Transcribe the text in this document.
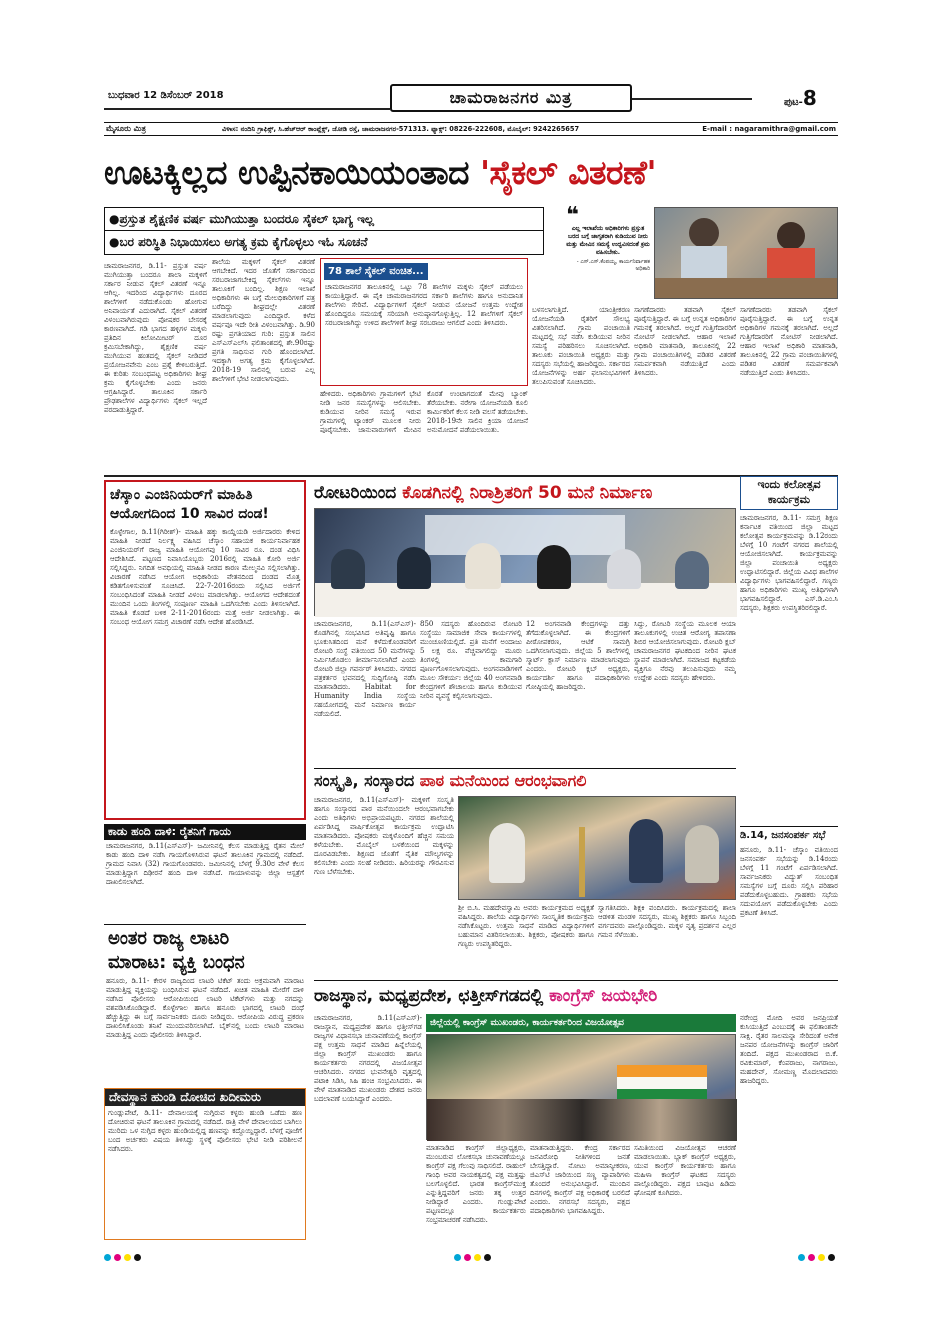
ಬುಧವಾರ 12 ಡಿಸೆಂಬರ್ 2018	ಚಾಮರಾಜನಗರ ಮಿತ್ರ	ಪುಟ-8
ಮೈಸೂರು ಮಿತ್ರ	ವಿಳಾಸ: ನಂದಿನಿ ಗ್ರಾಫಿಕ್ಸ್, ಸಿ.ಹೆಚ್ಆರ್ ಕಾಂಪ್ಲೆಕ್ಸ್, ಜೋಡಿ ರಸ್ತೆ, ಚಾಮರಾಜನಗರ-571313. ಫ್ಯಾಕ್ಸ್: 08226-222608, ಮೊಬೈಲ್: 9242265657	E-mail : nagaramithra@gmail.com
ಊಟಕ್ಕಿಲ್ಲದ ಉಪ್ಪಿನಕಾಯಿಯಂತಾದ 'ಸೈಕಲ್ ವಿತರಣೆ'
●ಪ್ರಸ್ತುತ ಶೈಕ್ಷಣಿಕ ವರ್ಷ ಮುಗಿಯುತ್ತಾ ಬಂದರೂ ಸೈಕಲ್ ಭಾಗ್ಯ ಇಲ್ಲ
●ಬರ ಪರಿಸ್ಥಿತಿ ನಿಭಾಯಿಸಲು ಅಗತ್ಯ ಕ್ರಮ ಕೈಗೊಳ್ಳಲು ಇಓ ಸೂಚನೆ
❝
ಎಲ್ಲ ಇಲಾಖೆಯ ಅಧಿಕಾರಿಗಳು ಪ್ರಸ್ತುತ ಬರದ ಬಗ್ಗೆ ಜಾಗೃತರಾಗಿ ಕುಡಿಯುವ ನೀರು ಮತ್ತು ಮೇವಿನ ಸಮಸ್ಯೆ ಉದ್ಭವಿಸದಂತೆ ಕ್ರಮ ವಹಿಸಬೇಕು.
- ಎಸ್.ಎಸ್.ಕೆಂಪಯ್ಯ, ಕಾರ್ಯನಿರ್ವಾಹಕ ಅಧಿಕಾರಿ
ಚಾಮರಾಜನಗರ, ಡಿ.11- ಪ್ರಸ್ತುತ ವರ್ಷ ಮುಗಿಯುತ್ತಾ ಬಂದರೂ ಶಾಲಾ ಮಕ್ಕಳಿಗೆ ಸರ್ಕಾರ ನೀಡುವ ಸೈಕಲ್ ವಿತರಣೆ ಇನ್ನೂ ಆಗಿಲ್ಲ. ಇದರಿಂದ ವಿದ್ಯಾರ್ಥಿಗಳು ದೂರದ ಶಾಲೆಗಳಿಗೆ ನಡೆದುಕೊಂಡು ಹೋಗುವ ಅನಿವಾರ್ಯತೆ ಎದುರಾಗಿದೆ. ಸೈಕಲ್ ವಿತರಣೆ ವಿಳಂಬವಾಗಿರುವುದು ಪೋಷಕರ ಬೇಸರಕ್ಕೆ ಕಾರಣವಾಗಿದೆ. ಗಡಿ ಭಾಗದ ಹಳ್ಳಿಗಳ ಮಕ್ಕಳು ಪ್ರತಿದಿನ ಕಿಲೋಮೀಟರ್ ದೂರ ಕ್ರಮಿಸಬೇಕಾಗಿದ್ದು, ಶೈಕ್ಷಣಿಕ ವರ್ಷ ಮುಗಿಯುವ ಹಂತದಲ್ಲಿ ಸೈಕಲ್ ನೀಡಿದರೆ ಪ್ರಯೋಜನವೇನು ಎಂಬ ಪ್ರಶ್ನೆ ಕೇಳಿಬರುತ್ತಿದೆ. ಈ ಕುರಿತು ಸಂಬಂಧಪಟ್ಟ ಅಧಿಕಾರಿಗಳು ಶೀಘ್ರ ಕ್ರಮ ಕೈಗೊಳ್ಳಬೇಕು ಎಂದು ಜನರು ಆಗ್ರಹಿಸಿದ್ದಾರೆ. ತಾಲೂಕಿನ ಸರ್ಕಾರಿ ಪ್ರೌಢಶಾಲೆಗಳ ವಿದ್ಯಾರ್ಥಿಗಳು ಸೈಕಲ್ ಇಲ್ಲದೆ ಪರದಾಡುತ್ತಿದ್ದಾರೆ.
ಶಾಲೆಯ ಮಕ್ಕಳಿಗೆ ಸೈಕಲ್ ವಿತರಣೆ ಆಗಬೇಕಿದೆ. ಇದರ ಜೊತೆಗೆ ಸರ್ಕಾರದಿಂದ ಸರಬರಾಜಾಗಬೇಕಿದ್ದ ಸೈಕಲ್‌ಗಳು ಇನ್ನೂ ತಾಲೂಕಿಗೆ ಬಂದಿಲ್ಲ. ಶಿಕ್ಷಣ ಇಲಾಖೆ ಅಧಿಕಾರಿಗಳು ಈ ಬಗ್ಗೆ ಮೇಲಧಿಕಾರಿಗಳಿಗೆ ಪತ್ರ ಬರೆದಿದ್ದು ಶೀಘ್ರದಲ್ಲೇ ವಿತರಣೆ ಮಾಡಲಾಗುವುದು ಎಂದಿದ್ದಾರೆ. ಕಳೆದ ವರ್ಷವೂ ಇದೇ ರೀತಿ ವಿಳಂಬವಾಗಿತ್ತು. ಡಿ.90 ರಷ್ಟು ಪ್ರಗತಿಯಾದ ಗುರಿ: ಪ್ರಸ್ತುತ ಸಾಲಿನ ಎಸ್‌ಎಸ್‌ಎಲ್‌ಸಿ ಫಲಿತಾಂಶದಲ್ಲಿ ಶೇ.90ರಷ್ಟು ಪ್ರಗತಿ ಸಾಧಿಸುವ ಗುರಿ ಹೊಂದಲಾಗಿದೆ. ಇದಕ್ಕಾಗಿ ಅಗತ್ಯ ಕ್ರಮ ಕೈಗೊಳ್ಳಲಾಗಿದೆ. 2018-19 ಸಾಲಿನಲ್ಲಿ ಬರುವ ಎಲ್ಲ ಶಾಲೆಗಳಿಗೆ ಭೇಟಿ ನೀಡಲಾಗುವುದು.
78 ಶಾಲೆ ಸೈಕಲ್ ವಂಚಿತ...
ಚಾಮರಾಜನಗರ ತಾಲೂಕಿನಲ್ಲಿ ಒಟ್ಟು 78 ಶಾಲೆಗಳ ಮಕ್ಕಳು ಸೈಕಲ್ ಪಡೆಯಲು ಕಾಯುತ್ತಿದ್ದಾರೆ. ಈ ಪೈಕಿ ಚಾಮರಾಜನಗರದ ಸರ್ಕಾರಿ ಶಾಲೆಗಳು ಹಾಗೂ ಅನುದಾನಿತ ಶಾಲೆಗಳು ಸೇರಿವೆ. ವಿದ್ಯಾರ್ಥಿಗಳಿಗೆ ಸೈಕಲ್ ನೀಡುವ ಯೋಜನೆ ಉತ್ತಮ ಉದ್ದೇಶ ಹೊಂದಿದ್ದರೂ ಸಮಯಕ್ಕೆ ಸರಿಯಾಗಿ ಅನುಷ್ಠಾನಗೊಳ್ಳುತ್ತಿಲ್ಲ. 12 ಶಾಲೆಗಳಿಗೆ ಸೈಕಲ್ ಸರಬರಾಜಾಗಿದ್ದು ಉಳಿದ ಶಾಲೆಗಳಿಗೆ ಶೀಘ್ರ ಸರಬರಾಜು ಆಗಲಿದೆ ಎಂದು ತಿಳಿಸಿದರು.
ಹೇಳಿದರು. ಅಧಿಕಾರಿಗಳು ಗ್ರಾಮಗಳಿಗೆ ಭೇಟಿ ನೀಡಿ ಜನರ ಸಮಸ್ಯೆಗಳನ್ನು ಆಲಿಸಬೇಕು. ಕುಡಿಯುವ ನೀರಿನ ಸಮಸ್ಯೆ ಇರುವ ಗ್ರಾಮಗಳಲ್ಲಿ ಟ್ಯಾಂಕರ್ ಮೂಲಕ ನೀರು ಪೂರೈಸಬೇಕು. ಜಾನುವಾರುಗಳಿಗೆ ಮೇವಿನ ಕೊರತೆ ಉಂಟಾಗದಂತೆ ಮೇವು ಬ್ಯಾಂಕ್ ತೆರೆಯಬೇಕು. ನರೇಗಾ ಯೋಜನೆಯಡಿ ಕೂಲಿ ಕಾರ್ಮಿಕರಿಗೆ ಕೆಲಸ ನೀಡಿ ವಲಸೆ ತಡೆಯಬೇಕು. 2018-19ನೇ ಸಾಲಿನ ಕ್ರಿಯಾ ಯೋಜನೆ ಅನುಮೋದನೆ ಪಡೆಯಲಾಯಿತು.
ಬಳಸಲಾಗುತ್ತಿದೆ. ಯಾಂತ್ರೀಕರಣ ಯೋಜನೆಯಡಿ ರೈತರಿಗೆ ಸೌಲಭ್ಯ ವಿತರಿಸಲಾಗಿದೆ. ಗ್ರಾಮ ಪಂಚಾಯಿತಿ ಮಟ್ಟದಲ್ಲಿ ಸಭೆ ನಡೆಸಿ ಕುಡಿಯುವ ನೀರಿನ ಸಮಸ್ಯೆ ಪರಿಹರಿಸಲು ಸೂಚಿಸಲಾಗಿದೆ. ತಾಲೂಕು ಪಂಚಾಯಿತಿ ಅಧ್ಯಕ್ಷರು ಮತ್ತು ಸದಸ್ಯರು ಸಭೆಯಲ್ಲಿ ಹಾಜರಿದ್ದರು. ಸರ್ಕಾರದ ಯೋಜನೆಗಳನ್ನು ಅರ್ಹ ಫಲಾನುಭವಿಗಳಿಗೆ ತಲುಪಿಸುವಂತೆ ಸೂಚಿಸಿದರು.
ಸಾಗಣೆದಾರರು ತಡವಾಗಿ ಸೈಕಲ್ ಪೂರೈಸುತ್ತಿದ್ದಾರೆ. ಈ ಬಗ್ಗೆ ಉನ್ನತ ಅಧಿಕಾರಿಗಳ ಗಮನಕ್ಕೆ ತರಲಾಗಿದೆ. ಅಲ್ಲದೆ ಗುತ್ತಿಗೆದಾರರಿಗೆ ನೋಟಿಸ್ ನೀಡಲಾಗಿದೆ. ಆಹಾರ ಇಲಾಖೆ ಅಧಿಕಾರಿ ಮಾತನಾಡಿ, ತಾಲೂಕಿನಲ್ಲಿ 22 ಗ್ರಾಮ ಪಂಚಾಯಿತಿಗಳಲ್ಲಿ ಪಡಿತರ ವಿತರಣೆ ಸಮರ್ಪಕವಾಗಿ ನಡೆಯುತ್ತಿದೆ ಎಂದು ತಿಳಿಸಿದರು.
ಸಾಗಣೆದಾರರು ತಡವಾಗಿ ಸೈಕಲ್ ಪೂರೈಸುತ್ತಿದ್ದಾರೆ. ಈ ಬಗ್ಗೆ ಉನ್ನತ ಅಧಿಕಾರಿಗಳ ಗಮನಕ್ಕೆ ತರಲಾಗಿದೆ. ಅಲ್ಲದೆ ಗುತ್ತಿಗೆದಾರರಿಗೆ ನೋಟಿಸ್ ನೀಡಲಾಗಿದೆ. ಆಹಾರ ಇಲಾಖೆ ಅಧಿಕಾರಿ ಮಾತನಾಡಿ, ತಾಲೂಕಿನಲ್ಲಿ 22 ಗ್ರಾಮ ಪಂಚಾಯಿತಿಗಳಲ್ಲಿ ಪಡಿತರ ವಿತರಣೆ ಸಮರ್ಪಕವಾಗಿ ನಡೆಯುತ್ತಿದೆ ಎಂದು ತಿಳಿಸಿದರು.
ಚೆಸ್ಕಾಂ ಎಂಜಿನಿಯರ್‌ಗೆ ಮಾಹಿತಿ ಆಯೋಗದಿಂದ 10 ಸಾವಿರ ದಂಡ!
ಕೊಳ್ಳೇಗಾಲ, ಡಿ.11(ಗಿರೀಶ್)- ಮಾಹಿತಿ ಹಕ್ಕು ಕಾಯ್ದೆಯಡಿ ಅರ್ಜಿದಾರರು ಕೇಳಿದ ಮಾಹಿತಿ ನೀಡದೆ ನಿರ್ಲಕ್ಷ್ಯ ವಹಿಸಿದ ಚೆಸ್ಕಾಂ ಸಹಾಯಕ ಕಾರ್ಯನಿರ್ವಾಹಕ ಎಂಜಿನಿಯರ್‌ಗೆ ರಾಜ್ಯ ಮಾಹಿತಿ ಆಯೋಗವು 10 ಸಾವಿರ ರೂ. ದಂಡ ವಿಧಿಸಿ ಆದೇಶಿಸಿದೆ. ಪಟ್ಟಣದ ನಿವಾಸಿಯೊಬ್ಬರು 2016ರಲ್ಲಿ ಮಾಹಿತಿ ಕೋರಿ ಅರ್ಜಿ ಸಲ್ಲಿಸಿದ್ದರು. ನಿಗದಿತ ಅವಧಿಯಲ್ಲಿ ಮಾಹಿತಿ ನೀಡದ ಕಾರಣ ಮೇಲ್ಮನವಿ ಸಲ್ಲಿಸಲಾಗಿತ್ತು. ವಿಚಾರಣೆ ನಡೆಸಿದ ಆಯೋಗ ಅಧಿಕಾರಿಯ ವೇತನದಿಂದ ದಂಡದ ಮೊತ್ತ ಕಡಿತಗೊಳಿಸುವಂತೆ ಸೂಚಿಸಿದೆ. 22-7-2016ರಂದು ಸಲ್ಲಿಸಿದ ಅರ್ಜಿಗೆ ಸಂಬಂಧಿಸಿದಂತೆ ಮಾಹಿತಿ ನೀಡದೆ ವಿಳಂಬ ಮಾಡಲಾಗಿತ್ತು. ಆಯೋಗದ ಆದೇಶದಂತೆ ಮುಂದಿನ ಒಂದು ತಿಂಗಳಲ್ಲಿ ಸಂಪೂರ್ಣ ಮಾಹಿತಿ ಒದಗಿಸಬೇಕು ಎಂದು ತಿಳಿಸಲಾಗಿದೆ. ಮಾಹಿತಿ ಕೊಡದೆ ಬಳಿಕ 2-11-2016ರಂದು ಮತ್ತೆ ಅರ್ಜಿ ನೀಡಲಾಗಿತ್ತು. ಈ ಸಂಬಂಧ ಆಯೋಗ ಸಮಗ್ರ ವಿಚಾರಣೆ ನಡೆಸಿ ಆದೇಶ ಹೊರಡಿಸಿದೆ.
ಕಾಡು ಹಂದಿ ದಾಳಿ: ರೈತನಿಗೆ ಗಾಯ
ಚಾಮರಾಜನಗರ, ಡಿ.11(ಎಸ್‌ಎಸ್)- ಜಮೀನಿನಲ್ಲಿ ಕೆಲಸ ಮಾಡುತ್ತಿದ್ದ ರೈತನ ಮೇಲೆ ಕಾಡು ಹಂದಿ ದಾಳಿ ನಡೆಸಿ ಗಾಯಗೊಳಿಸಿರುವ ಘಟನೆ ತಾಲೂಕಿನ ಗ್ರಾಮದಲ್ಲಿ ನಡೆದಿದೆ. ಗ್ರಾಮದ ನಿವಾಸಿ (32) ಗಾಯಗೊಂಡವರು. ಜಮೀನಿನಲ್ಲಿ ಬೆಳಗ್ಗೆ 9.30ರ ವೇಳೆ ಕೆಲಸ ಮಾಡುತ್ತಿದ್ದಾಗ ದಿಢೀರನೆ ಹಂದಿ ದಾಳಿ ನಡೆಸಿದೆ. ಗಾಯಾಳುವನ್ನು ಜಿಲ್ಲಾ ಆಸ್ಪತ್ರೆಗೆ ದಾಖಲಿಸಲಾಗಿದೆ.
ಅಂತರ ರಾಜ್ಯ ಲಾಟರಿ
ಮಾರಾಟ: ವ್ಯಕ್ತಿ ಬಂಧನ
ಹನೂರು, ಡಿ.11- ಕೇರಳ ರಾಜ್ಯದಿಂದ ಲಾಟರಿ ಟಿಕೆಟ್ ತಂದು ಅಕ್ರಮವಾಗಿ ಮಾರಾಟ ಮಾಡುತ್ತಿದ್ದ ವ್ಯಕ್ತಿಯನ್ನು ಬಂಧಿಸಿರುವ ಘಟನೆ ನಡೆದಿದೆ. ಖಚಿತ ಮಾಹಿತಿ ಮೇರೆಗೆ ದಾಳಿ ನಡೆಸಿದ ಪೊಲೀಸರು ಆರೋಪಿಯಿಂದ ಲಾಟರಿ ಟಿಕೆಟ್‌ಗಳು ಮತ್ತು ನಗದನ್ನು ವಶಪಡಿಸಿಕೊಂಡಿದ್ದಾರೆ. ಕೊಳ್ಳೇಗಾಲ ಹಾಗೂ ಹನೂರು ಭಾಗದಲ್ಲಿ ಲಾಟರಿ ದಂಧೆ ಹೆಚ್ಚುತ್ತಿದ್ದು ಈ ಬಗ್ಗೆ ಸಾರ್ವಜನಿಕರು ದೂರು ನೀಡಿದ್ದರು. ಆರೋಪಿಯ ವಿರುದ್ಧ ಪ್ರಕರಣ ದಾಖಲಿಸಿಕೊಂಡು ತನಿಖೆ ಮುಂದುವರಿಸಲಾಗಿದೆ. ಬೈಕ್‌ನಲ್ಲಿ ಬಂದು ಲಾಟರಿ ಮಾರಾಟ ಮಾಡುತ್ತಿದ್ದ ಎಂದು ಪೊಲೀಸರು ತಿಳಿಸಿದ್ದಾರೆ.
ದೇವಸ್ಥಾನ ಹುಂಡಿ ದೋಚಿದ ಖದೀಮರು
ಗುಂಡ್ಲುಪೇಟೆ, ಡಿ.11- ದೇವಾಲಯಕ್ಕೆ ನುಗ್ಗಿರುವ ಕಳ್ಳರು ಹುಂಡಿ ಒಡೆದು ಹಣ ದೋಚಿರುವ ಘಟನೆ ತಾಲೂಕಿನ ಗ್ರಾಮದಲ್ಲಿ ನಡೆದಿದೆ. ರಾತ್ರಿ ವೇಳೆ ದೇವಾಲಯದ ಬಾಗಿಲು ಮುರಿದು ಒಳ ನುಗ್ಗಿದ ಕಳ್ಳರು ಹುಂಡಿಯಲ್ಲಿದ್ದ ಹಣವನ್ನು ಕದ್ದೊಯ್ದಿದ್ದಾರೆ. ಬೆಳಗ್ಗೆ ಪೂಜೆಗೆ ಬಂದ ಅರ್ಚಕರು ವಿಷಯ ತಿಳಿಸಿದ್ದು ಸ್ಥಳಕ್ಕೆ ಪೊಲೀಸರು ಭೇಟಿ ನೀಡಿ ಪರಿಶೀಲನೆ ನಡೆಸಿದರು.
ರೋಟರಿಯಿಂದ ಕೊಡಗಿನಲ್ಲಿ ನಿರಾಶ್ರಿತರಿಗೆ 50 ಮನೆ ನಿರ್ಮಾಣ
ಚಾಮರಾಜನಗರ, ಡಿ.11(ಎಸ್‌ಎಸ್)- ಕೊಡಗಿನಲ್ಲಿ ಸಂಭವಿಸಿದ ಅತಿವೃಷ್ಟಿ ಹಾಗೂ ಭೂಕುಸಿತದಿಂದ ಮನೆ ಕಳೆದುಕೊಂಡವರಿಗೆ ರೋಟರಿ ಸಂಸ್ಥೆ ವತಿಯಿಂದ 50 ಮನೆಗಳನ್ನು ನಿರ್ಮಿಸಿಕೊಡಲು ತೀರ್ಮಾನಿಸಲಾಗಿದೆ ಎಂದು ರೋಟರಿ ಜಿಲ್ಲಾ ಗವರ್ನರ್ ತಿಳಿಸಿದರು. ನಗರದ ಪತ್ರಕರ್ತರ ಭವನದಲ್ಲಿ ಸುದ್ದಿಗೋಷ್ಠಿ ನಡೆಸಿ ಮಾತನಾಡಿದರು. Habitat for Humanity India ಸಂಸ್ಥೆಯ ಸಹಯೋಗದಲ್ಲಿ ಮನೆ ನಿರ್ಮಾಣ ಕಾರ್ಯ ನಡೆಯಲಿದೆ.
850 ಸದಸ್ಯರು ಹೊಂದಿರುವ ರೋಟರಿ ಸಂಸ್ಥೆಯು ಸಾಮಾಜಿಕ ಸೇವಾ ಕಾರ್ಯಗಳಲ್ಲಿ ಮುಂಚೂಣಿಯಲ್ಲಿದೆ. ಪ್ರತಿ ಮನೆಗೆ ಅಂದಾಜು 5 ಲಕ್ಷ ರೂ. ವೆಚ್ಚವಾಗಲಿದ್ದು ಮೂರು ತಿಂಗಳಲ್ಲಿ ಕಾಮಗಾರಿ ಪೂರ್ಣಗೊಳಿಸಲಾಗುವುದು. ಅಂಗನವಾಡಿಗಳಿಗೆ ಮೂಲ ಸೌಕರ್ಯ: ಜಿಲ್ಲೆಯ 40 ಅಂಗನವಾಡಿ ಕೇಂದ್ರಗಳಿಗೆ ಶೌಚಾಲಯ ಹಾಗೂ ಕುಡಿಯುವ ನೀರಿನ ವ್ಯವಸ್ಥೆ ಕಲ್ಪಿಸಲಾಗುವುದು.
12 ಅಂಗನವಾಡಿ ಕೇಂದ್ರಗಳನ್ನು ದತ್ತು ತೆಗೆದುಕೊಳ್ಳಲಾಗಿದೆ. ಈ ಕೇಂದ್ರಗಳಿಗೆ ಪೀಠೋಪಕರಣ, ಆಟಿಕೆ ಸಾಮಗ್ರಿ ಒದಗಿಸಲಾಗುವುದು. ಜಿಲ್ಲೆಯ 5 ಶಾಲೆಗಳಲ್ಲಿ ಸ್ಮಾರ್ಟ್ ಕ್ಲಾಸ್ ನಿರ್ಮಾಣ ಮಾಡಲಾಗುವುದು ಎಂದರು. ರೋಟರಿ ಕ್ಲಬ್ ಅಧ್ಯಕ್ಷರು, ಕಾರ್ಯದರ್ಶಿ ಹಾಗೂ ಪದಾಧಿಕಾರಿಗಳು ಗೋಷ್ಠಿಯಲ್ಲಿ ಹಾಜರಿದ್ದರು.
ಸಿದ್ದು, ರೋಟರಿ ಸಂಸ್ಥೆಯ ಮೂಲಕ ಆಯಾ ತಾಲೂಕುಗಳಲ್ಲಿ ಉಚಿತ ಆರೋಗ್ಯ ತಪಾಸಣಾ ಶಿಬಿರ ಆಯೋಜಿಸಲಾಗುವುದು. ರೋಟರಿ ಕ್ಲಬ್ ಚಾಮರಾಜನಗರ ಘಟಕದಿಂದ ನೀರಿನ ಘಟಕ ಸ್ಥಾಪನೆ ಮಾಡಲಾಗಿದೆ. ಸಮಾಜದ ಕಟ್ಟಕಡೆಯ ವ್ಯಕ್ತಿಗೂ ನೆರವು ತಲುಪಿಸುವುದು ನಮ್ಮ ಉದ್ದೇಶ ಎಂದು ಸದಸ್ಯರು ಹೇಳಿದರು.
ಇಂದು ಕಲೋತ್ಸವ
ಕಾರ್ಯಕ್ರಮ
ಚಾಮರಾಜನಗರ, ಡಿ.11- ಸಮಗ್ರ ಶಿಕ್ಷಣ ಕರ್ನಾಟಕ ವತಿಯಿಂದ ಜಿಲ್ಲಾ ಮಟ್ಟದ ಕಲೋತ್ಸವ ಕಾರ್ಯಕ್ರಮವನ್ನು ಡಿ.12ರಂದು ಬೆಳಗ್ಗೆ 10 ಗಂಟೆಗೆ ನಗರದ ಶಾಲೆಯಲ್ಲಿ ಆಯೋಜಿಸಲಾಗಿದೆ. ಕಾರ್ಯಕ್ರಮವನ್ನು ಜಿಲ್ಲಾ ಪಂಚಾಯಿತಿ ಅಧ್ಯಕ್ಷರು ಉದ್ಘಾಟಿಸಲಿದ್ದಾರೆ. ಜಿಲ್ಲೆಯ ವಿವಿಧ ಶಾಲೆಗಳ ವಿದ್ಯಾರ್ಥಿಗಳು ಭಾಗವಹಿಸಲಿದ್ದಾರೆ. ಗಣ್ಯರು ಹಾಗೂ ಅಧಿಕಾರಿಗಳು ಮುಖ್ಯ ಅತಿಥಿಗಳಾಗಿ ಭಾಗವಹಿಸಲಿದ್ದಾರೆ. ಎಸ್.ಡಿ.ಎಂ.ಸಿ ಸದಸ್ಯರು, ಶಿಕ್ಷಕರು ಉಪಸ್ಥಿತರಿರಲಿದ್ದಾರೆ.
ಡಿ.14, ಜನಸಂಪರ್ಕ ಸಭೆ
ಹನೂರು, ಡಿ.11- ಚೆಸ್ಕಾಂ ವತಿಯಿಂದ ಜನಸಂಪರ್ಕ ಸಭೆಯನ್ನು ಡಿ.14ರಂದು ಬೆಳಗ್ಗೆ 11 ಗಂಟೆಗೆ ಏರ್ಪಡಿಸಲಾಗಿದೆ. ಸಾರ್ವಜನಿಕರು ವಿದ್ಯುತ್ ಸಂಬಂಧಿತ ಸಮಸ್ಯೆಗಳ ಬಗ್ಗೆ ದೂರು ಸಲ್ಲಿಸಿ ಪರಿಹಾರ ಪಡೆದುಕೊಳ್ಳಬಹುದು. ಗ್ರಾಹಕರು ಸಭೆಯ ಸದುಪಯೋಗ ಪಡೆದುಕೊಳ್ಳಬೇಕು ಎಂದು ಪ್ರಕಟಣೆ ತಿಳಿಸಿದೆ.
ಸಂಸ್ಕೃತಿ, ಸಂಸ್ಕಾರದ ಪಾಠ ಮನೆಯಿಂದ ಆರಂಭವಾಗಲಿ
ಚಾಮರಾಜನಗರ, ಡಿ.11(ಎಸ್‌ಎಸ್)- ಮಕ್ಕಳಿಗೆ ಸಂಸ್ಕೃತಿ ಹಾಗೂ ಸಂಸ್ಕಾರದ ಪಾಠ ಮನೆಯಿಂದಲೇ ಆರಂಭವಾಗಬೇಕು ಎಂದು ಅತಿಥಿಗಳು ಅಭಿಪ್ರಾಯಪಟ್ಟರು. ನಗರದ ಶಾಲೆಯಲ್ಲಿ ಏರ್ಪಡಿಸಿದ್ದ ವಾರ್ಷಿಕೋತ್ಸವ ಕಾರ್ಯಕ್ರಮ ಉದ್ಘಾಟಿಸಿ ಮಾತನಾಡಿದರು. ಪೋಷಕರು ಮಕ್ಕಳೊಂದಿಗೆ ಹೆಚ್ಚಿನ ಸಮಯ ಕಳೆಯಬೇಕು. ಮೊಬೈಲ್ ಬಳಕೆಯಿಂದ ಮಕ್ಕಳನ್ನು ದೂರವಿಡಬೇಕು. ಶಿಕ್ಷಣದ ಜೊತೆಗೆ ನೈತಿಕ ಮೌಲ್ಯಗಳನ್ನು ಕಲಿಸಬೇಕು ಎಂದು ಸಲಹೆ ನೀಡಿದರು. ಹಿರಿಯರನ್ನು ಗೌರವಿಸುವ ಗುಣ ಬೆಳೆಸಬೇಕು.
ಶ್ರೀ ಬಿ.ಸಿ. ಮಹದೇವಸ್ವಾಮಿ ಅವರು ಕಾರ್ಯಕ್ರಮದ ಅಧ್ಯಕ್ಷತೆ ವಹಿಸಿದ್ದರು. ಶಾಲೆಯ ವಿದ್ಯಾರ್ಥಿಗಳು ಸಾಂಸ್ಕೃತಿಕ ಕಾರ್ಯಕ್ರಮ ನಡೆಸಿಕೊಟ್ಟರು. ಉತ್ತಮ ಸಾಧನೆ ಮಾಡಿದ ವಿದ್ಯಾರ್ಥಿಗಳಿಗೆ ಬಹುಮಾನ ವಿತರಿಸಲಾಯಿತು. ಶಿಕ್ಷಕರು, ಪೋಷಕರು ಹಾಗೂ ಗಣ್ಯರು ಉಪಸ್ಥಿತರಿದ್ದರು.
ಸ್ವಾಗತಿಸಿದರು. ಶಿಕ್ಷಕಿ ವಂದಿಸಿದರು. ಕಾರ್ಯಕ್ರಮದಲ್ಲಿ ಶಾಲಾ ಆಡಳಿತ ಮಂಡಳಿ ಸದಸ್ಯರು, ಮುಖ್ಯ ಶಿಕ್ಷಕರು ಹಾಗೂ ಸಿಬ್ಬಂದಿ ವರ್ಗದವರು ಪಾಲ್ಗೊಂಡಿದ್ದರು. ಮಕ್ಕಳ ನೃತ್ಯ ಪ್ರದರ್ಶನ ಎಲ್ಲರ ಗಮನ ಸೆಳೆಯಿತು.
ರಾಜಸ್ಥಾನ, ಮಧ್ಯಪ್ರದೇಶ, ಛತ್ತೀಸ್‌ಗಡದಲ್ಲಿ ಕಾಂಗ್ರೆಸ್ ಜಯಭೇರಿ
ಚಾಮರಾಜನಗರ, ಡಿ.11(ಎಸ್‌ಎಸ್)- ರಾಜಸ್ಥಾನ, ಮಧ್ಯಪ್ರದೇಶ ಹಾಗೂ ಛತ್ತೀಸ್‌ಗಡ ರಾಜ್ಯಗಳ ವಿಧಾನಸಭಾ ಚುನಾವಣೆಯಲ್ಲಿ ಕಾಂಗ್ರೆಸ್ ಪಕ್ಷ ಉತ್ತಮ ಸಾಧನೆ ಮಾಡಿದ ಹಿನ್ನೆಲೆಯಲ್ಲಿ ಜಿಲ್ಲಾ ಕಾಂಗ್ರೆಸ್ ಮುಖಂಡರು ಹಾಗೂ ಕಾರ್ಯಕರ್ತರು ನಗರದಲ್ಲಿ ವಿಜಯೋತ್ಸವ ಆಚರಿಸಿದರು. ನಗರದ ಭುವನೇಶ್ವರಿ ವೃತ್ತದಲ್ಲಿ ಪಟಾಕಿ ಸಿಡಿಸಿ, ಸಿಹಿ ಹಂಚಿ ಸಂಭ್ರಮಿಸಿದರು. ಈ ವೇಳೆ ಮಾತನಾಡಿದ ಮುಖಂಡರು ದೇಶದ ಜನರು ಬದಲಾವಣೆ ಬಯಸಿದ್ದಾರೆ ಎಂದರು.
ಜಿಲ್ಲೆಯಲ್ಲಿ ಕಾಂಗ್ರೆಸ್ ಮುಖಂಡರು, ಕಾರ್ಯಕರ್ತರಿಂದ ವಿಜಯೋತ್ಸವ
ಮಾತನಾಡಿದ ಕಾಂಗ್ರೆಸ್ ಜಿಲ್ಲಾಧ್ಯಕ್ಷರು, ಮುಂಬರುವ ಲೋಕಸಭಾ ಚುನಾವಣೆಯಲ್ಲೂ ಕಾಂಗ್ರೆಸ್ ಪಕ್ಷ ಗೆಲುವು ಸಾಧಿಸಲಿದೆ. ರಾಹುಲ್ ಗಾಂಧಿ ಅವರ ನಾಯಕತ್ವದಲ್ಲಿ ಪಕ್ಷ ಮತ್ತಷ್ಟು ಬಲಗೊಳ್ಳಲಿದೆ. ಭಾರತ ಕಾಂಗ್ರೆಸ್‌ಮುಕ್ತ ಎನ್ನುತ್ತಿದ್ದವರಿಗೆ ಜನರು ತಕ್ಕ ಉತ್ತರ ನೀಡಿದ್ದಾರೆ ಎಂದರು. ಗುಂಡ್ಲುಪೇಟೆ ಪಟ್ಟಣದಲ್ಲೂ ಕಾರ್ಯಕರ್ತರು ಸಂಭ್ರಮಾಚರಣೆ ನಡೆಸಿದರು.
ಮಾತನಾಡುತ್ತಿದ್ದರು. ಕೇಂದ್ರ ಸರ್ಕಾರದ ಜನವಿರೋಧಿ ನೀತಿಗಳಿಂದ ಜನತೆ ಬೇಸತ್ತಿದ್ದಾರೆ. ನೋಟು ಅಮಾನ್ಯೀಕರಣ, ಜಿಎಸ್‌ಟಿ ಜಾರಿಯಿಂದ ಸಣ್ಣ ವ್ಯಾಪಾರಿಗಳು ತೊಂದರೆ ಅನುಭವಿಸಿದ್ದಾರೆ. ಮುಂದಿನ ದಿನಗಳಲ್ಲಿ ಕಾಂಗ್ರೆಸ್ ಪಕ್ಷ ಅಧಿಕಾರಕ್ಕೆ ಬರಲಿದೆ ಎಂದರು. ನಗರಸಭೆ ಸದಸ್ಯರು, ಪಕ್ಷದ ಪದಾಧಿಕಾರಿಗಳು ಭಾಗವಹಿಸಿದ್ದರು.
ಸಮಿತಿಯಿಂದ ವಿಜಯೋತ್ಸವ ಆಚರಣೆ ಮಾಡಲಾಯಿತು. ಬ್ಲಾಕ್ ಕಾಂಗ್ರೆಸ್ ಅಧ್ಯಕ್ಷರು, ಯುವ ಕಾಂಗ್ರೆಸ್ ಕಾರ್ಯಕರ್ತರು ಹಾಗೂ ಮಹಿಳಾ ಕಾಂಗ್ರೆಸ್ ಘಟಕದ ಸದಸ್ಯರು ಪಾಲ್ಗೊಂಡಿದ್ದರು. ಪಕ್ಷದ ಬಾವುಟ ಹಿಡಿದು ಘೋಷಣೆ ಕೂಗಿದರು.
ನರೇಂದ್ರ ಮೋದಿ ಅವರ ಜನಪ್ರಿಯತೆ ಕುಸಿಯುತ್ತಿದೆ ಎಂಬುದಕ್ಕೆ ಈ ಫಲಿತಾಂಶವೇ ಸಾಕ್ಷಿ. ರೈತರ ಸಾಲಮನ್ನಾ ಸೇರಿದಂತೆ ಅನೇಕ ಜನಪರ ಯೋಜನೆಗಳನ್ನು ಕಾಂಗ್ರೆಸ್ ಜಾರಿಗೆ ತಂದಿದೆ. ಪಕ್ಷದ ಮುಖಂಡರಾದ ಬಿ.ಕೆ. ರವಿಕುಮಾರ್, ಕೆಂಪರಾಜು, ನಾಗರಾಜು, ಮಹದೇವ್, ಸೋಮಣ್ಣ ಮೊದಲಾದವರು ಹಾಜರಿದ್ದರು.
